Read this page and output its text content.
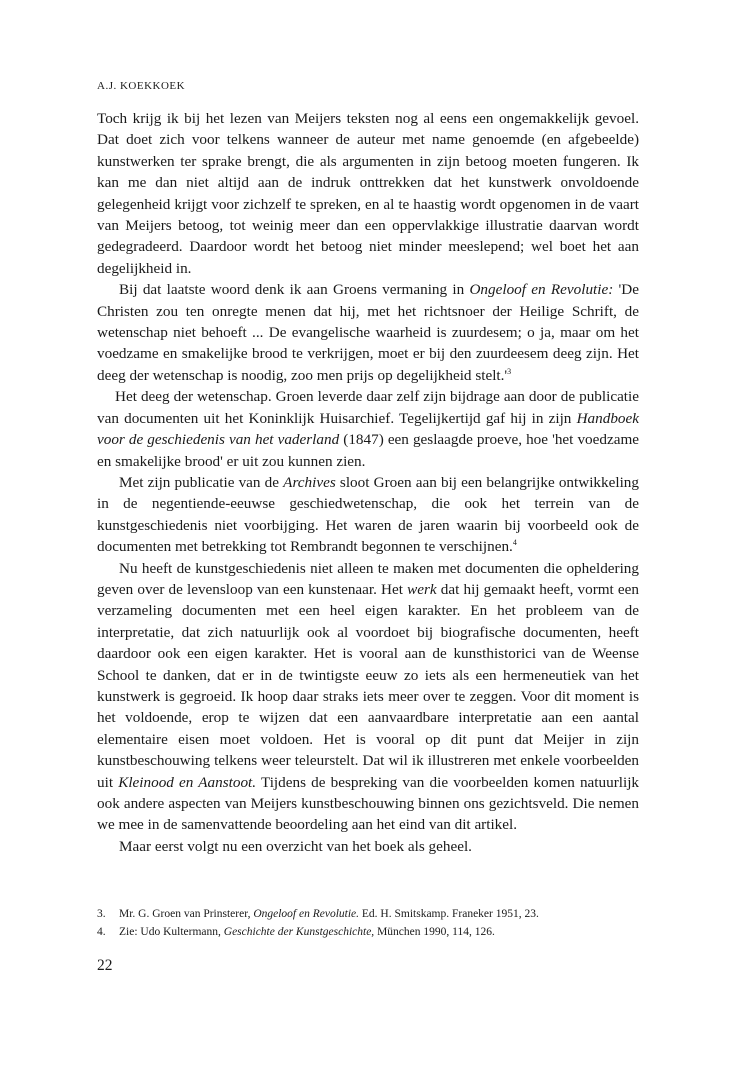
A.J. KOEKKOEK

Toch krijg ik bij het lezen van Meijers teksten nog al eens een ongemakkelijk gevoel. Dat doet zich voor telkens wanneer de auteur met name genoemde (en afgebeelde) kunstwerken ter sprake brengt, die als argumenten in zijn betoog moeten fungeren. Ik kan me dan niet altijd aan de indruk onttrekken dat het kunstwerk onvoldoende gelegenheid krijgt voor zichzelf te spreken, en al te haastig wordt opgenomen in de vaart van Meijers betoog, tot weinig meer dan een oppervlakkige illustratie daarvan wordt gedegradeerd. Daardoor wordt het betoog niet minder meeslepend; wel boet het aan degelijkheid in.

Bij dat laatste woord denk ik aan Groens vermaning in Ongeloof en Revolutie: 'De Christen zou ten onregte menen dat hij, met het richtsnoer der Heilige Schrift, de wetenschap niet behoeft ... De evangelische waarheid is zuurdesem; o ja, maar om het voedzame en smakelijke brood te verkrijgen, moet er bij den zuurdeesem deeg zijn. Het deeg der wetenschap is noodig, zoo men prijs op degelijkheid $stelt.'^3$

Het deeg der wetenschap. Groen leverde daar zelf zijn bijdrage aan door de publicatie van documenten uit het Koninklijk Huisarchief. Tegelijkertijd gaf hij in zijn Handboek voor de geschiedenis van het vaderland (1847) een geslaagde proeve, hoe 'het voedzame en smakelijke brood' er uit zou kunnen zien.

Met zijn publicatie van de Archives sloot Groen aan bij een belangrijke ontwikkeling in de negentiende-eeuwse geschiedwetenschap, die ook het terrein van de kunstgeschiedenis niet voorbijging. Het waren de jaren waarin bij voorbeeld ook de documenten met betrekking tot Rembrandt begonnen te verschijnen.$^4$

Nu heeft de kunstgeschiedenis niet alleen te maken met documenten die opheldering geven over de levensloop van een kunstenaar. Het werk dat hij gemaakt heeft, vormt een verzameling documenten met een heel eigen karakter. En het probleem van de interpretatie, dat zich natuurlijk ook al voordoet bij biografische documenten, heeft daardoor ook een eigen karakter. Het is vooral aan de kunsthistorici van de Weense School te danken, dat er in de twintigste eeuw zo iets als een hermeneutiek van het kunstwerk is gegroeid. Ik hoop daar straks iets meer over te zeggen. Voor dit moment is het voldoende, erop te wijzen dat een aanvaardbare interpretatie aan een aantal elementaire eisen moet voldoen. Het is vooral op dit punt dat Meijer in zijn kunstbeschouwing telkens weer teleurstelt. Dat wil ik illustreren met enkele voorbeelden uit Kleinood en Aanstoot. Tijdens de bespreking van die voorbeelden komen natuurlijk ook andere aspecten van Meijers kunstbeschouwing binnen ons gezichtsveld. Die nemen we mee in de samenvattende beoordeling aan het eind van dit artikel.

Maar eerst volgt nu een overzicht van het boek als geheel.

3.	Mr. G. Groen van Prinsterer, Ongeloof en Revolutie. Ed. H. Smitskamp. Franeker 1951, 23.
4.	Zie: Udo Kultermann, Geschichte der Kunstgeschichte, München 1990, 114, 126.
22
